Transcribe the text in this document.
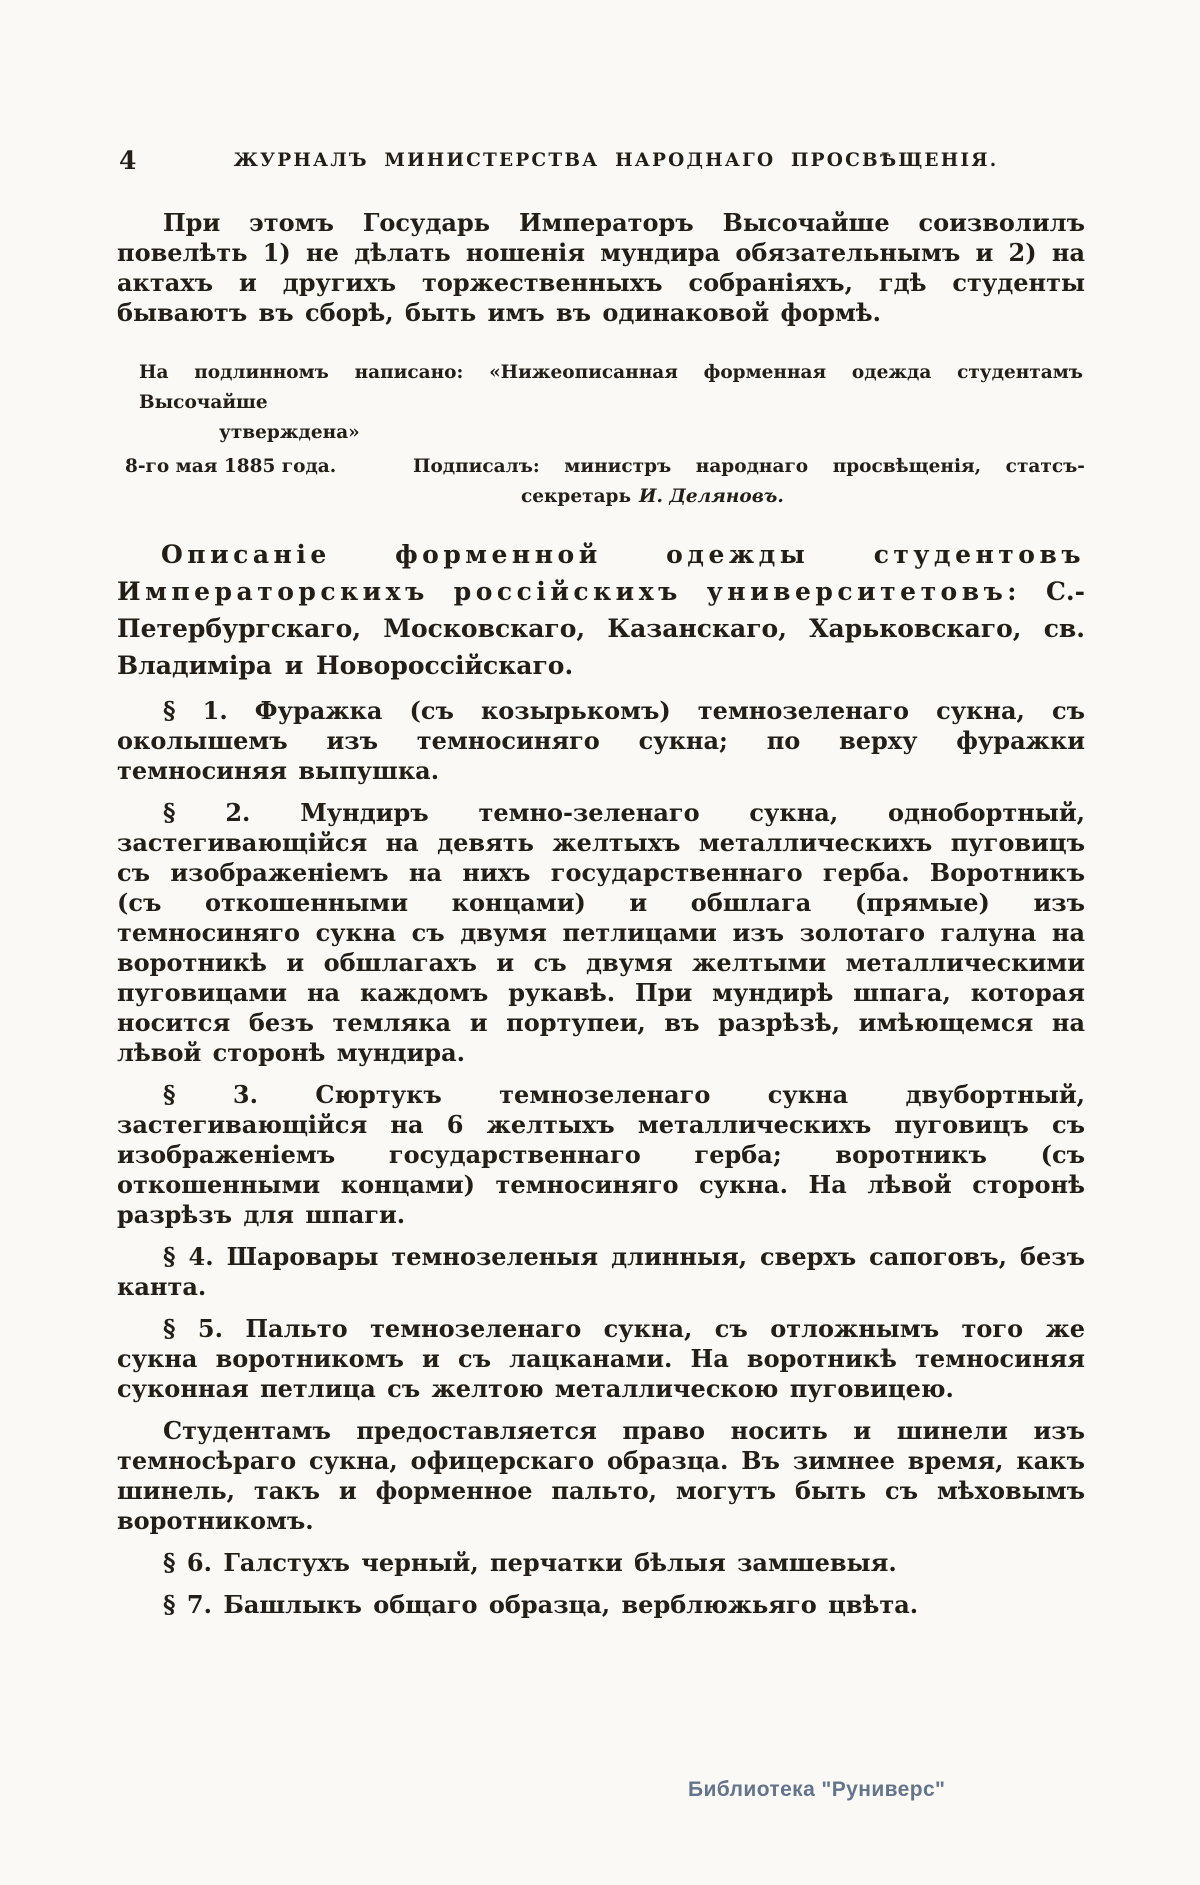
4	ЖУРНАЛЪ МИНИСТЕРСТВА НАРОДНАГО ПРОСВѢЩЕНІЯ.

При этомъ Государь Императоръ Высочайше соизволилъ повелѣть 1) не дѣлать ношенія мундира обязательнымъ и 2) на актахъ и другихъ торжественныхъ собраніяхъ, гдѣ студенты бываютъ въ сборѣ, быть имъ въ одинаковой формѣ.

На подлинномъ написано: «Нижеописанная форменная одежда студентамъ Высочайше
утверждена»
8-го мая 1885 года.	Подписалъ: министръ народнаго просвѣщенія, статсъ-
секретарь И. Деляновъ.

Описаніе форменной одежды студентовъ Императорскихъ россійскихъ университетовъ: С.-Петербургскаго, Московскаго, Казанскаго, Харьковскаго, св. Владиміра и Новороссійскаго.

§ 1. Фуражка (съ козырькомъ) темнозеленаго сукна, съ околышемъ изъ темносиняго сукна; по верху фуражки темносиняя выпушка.

§ 2. Мундиръ темно-зеленаго сукна, однобортный, застегивающійся на девять желтыхъ металлическихъ пуговицъ съ изображеніемъ на нихъ государственнаго герба. Воротникъ (съ откошенными концами) и обшлага (прямые) изъ темносиняго сукна съ двумя петлицами изъ золотаго галуна на воротникѣ и обшлагахъ и съ двумя желтыми металлическими пуговицами на каждомъ рукавѣ. При мундирѣ шпага, которая носится безъ темляка и портупеи, въ разрѣзѣ, имѣющемся на лѣвой сторонѣ мундира.

§ 3. Сюртукъ темнозеленаго сукна двубортный, застегивающійся на 6 желтыхъ металлическихъ пуговицъ съ изображеніемъ государственнаго герба; воротникъ (съ откошенными концами) темносиняго сукна. На лѣвой сторонѣ разрѣзъ для шпаги.

§ 4. Шаровары темнозеленыя длинныя, сверхъ сапоговъ, безъ канта.

§ 5. Пальто темнозеленаго сукна, съ отложнымъ того же сукна воротникомъ и съ лацканами. На воротникѣ темносиняя суконная петлица съ желтою металлическою пуговицею.

Студентамъ предоставляется право носить и шинели изъ темносѣраго сукна, офицерскаго образца. Въ зимнее время, какъ шинель, такъ и форменное пальто, могутъ быть съ мѣховымъ воротникомъ.

§ 6. Галстухъ черный, перчатки бѣлыя замшевыя.

§ 7. Башлыкъ общаго образца, верблюжьяго цвѣта.

Библиотека "Руниверс"
